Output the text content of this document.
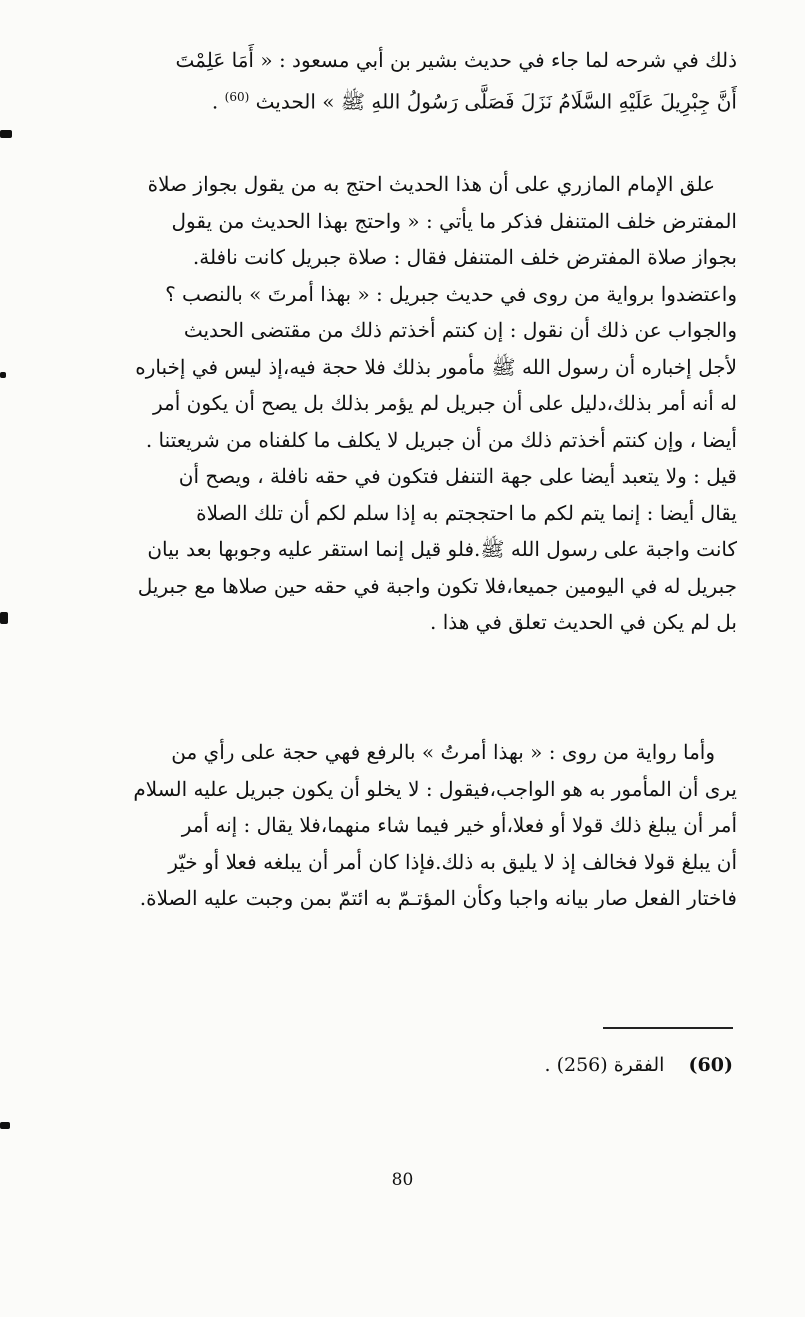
ذلك في شرحه لما جاء في حديث بشير بن أبي مسعود : « أَمَا عَلِمْتَ
أَنَّ جِبْرِيلَ عَلَيْهِ السَّلَامُ نَزَلَ فَصَلَّى رَسُولُ اللهِ ﷺ » الحديث $^{(60)}$ .
علق الإمام المازري على أن هذا الحديث احتج به من يقول بجواز صلاة
المفترض خلف المتنفل فذكر ما يأتي : « واحتج بهذا الحديث من يقول
بجواز صلاة المفترض خلف المتنفل فقال : صلاة جبريل كانت نافلة.
واعتضدوا برواية من روى في حديث جبريل : « بهذا أمرتَ » بالنصب ؟
والجواب عن ذلك أن نقول : إن كنتم أخذتم ذلك من مقتضى الحديث
لأجل إخباره أن رسول الله ﷺ مأمور بذلك فلا حجة فيه،إذ ليس في إخباره
له أنه أمر بذلك،دليل على أن جبريل لم يؤمر بذلك بل يصح أن يكون أمر
أيضا ، وإن كنتم أخذتم ذلك من أن جبريل لا يكلف ما كلفناه من شريعتنا .
قيل : ولا يتعبد أيضا على جهة التنفل فتكون في حقه نافلة ، ويصح أن
يقال أيضا : إنما يتم لكم ما احتججتم به إذا سلم لكم أن تلك الصلاة
كانت واجبة على رسول الله ﷺ.فلو قيل إنما استقر عليه وجوبها بعد بيان
جبريل له في اليومين جميعا،فلا تكون واجبة في حقه حين صلاها مع جبريل
بل لم يكن في الحديث تعلق في هذا .
وأما رواية من روى : « بهذا أمرتُ » بالرفع فهي حجة على رأي من
يرى أن المأمور به هو الواجب،فيقول : لا يخلو أن يكون جبريل عليه السلام
أمر أن يبلغ ذلك قولا أو فعلا،أو خير فيما شاء منهما،فلا يقال : إنه أمر
أن يبلغ قولا فخالف إذ لا يليق به ذلك.فإذا كان أمر أن يبلغه فعلا أو خيّر
فاختار الفعل صار بيانه واجبا وكأن المؤتـمّ به ائتمّ بمن وجبت عليه الصلاة.
(60)  الفقرة (256) .
80
